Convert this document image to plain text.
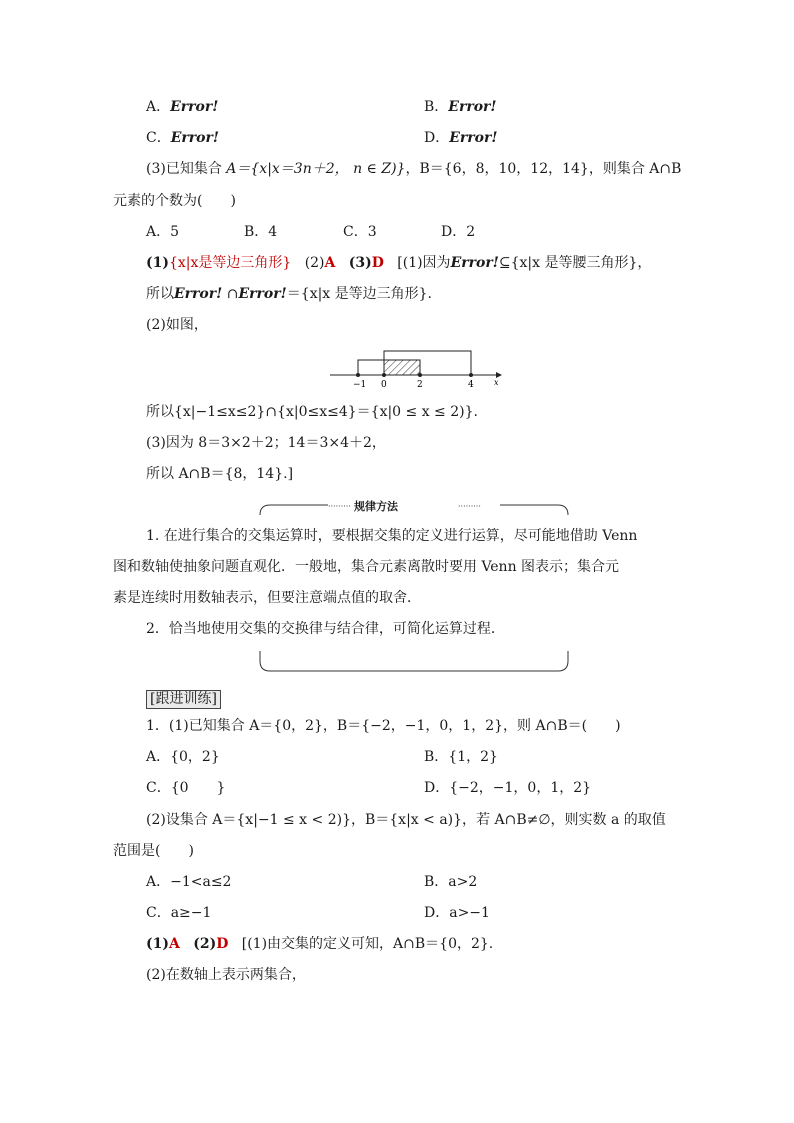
A．Error!	B．Error!
C．Error!	D．Error!
(3)已知集合 A＝{x|x＝3n＋2， n ∈ Z)}，B＝{6，8，10，12，14}，则集合 A∩B
元素的个数为(　　)
A．5	B．4	C．3	D．2
(1){x|x是等边三角形} (2)A (3)D [(1)因为Error!⊆{x|x 是等腰三角形}，
所以Error! ∩Error!＝{x|x 是等边三角形}.
(2)如图，
−1 0	2	4	x
所以{x|−1≤x≤2}∩{x|0≤x≤4}＝{x|0 ≤ x ≤ 2)}.
(3)因为 8＝3×2＋2；14＝3×4＋2，
所以 A∩B＝{8，14}.]
·········	·········
规律方法
1. 在进行集合的交集运算时，要根据交集的定义进行运算，尽可能地借助 Venn
图和数轴使抽象问题直观化．一般地，集合元素离散时要用 Venn 图表示；集合元
素是连续时用数轴表示，但要注意端点值的取舍．
2．恰当地使用交集的交换律与结合律，可简化运算过程．
[跟进训练]
1．(1)已知集合 A＝{0，2}，B＝{−2，−1，0，1，2}，则 A∩B＝(　　)
A．{0，2}	B．{1，2}
C．{0　　}	D．{−2，−1，0，1，2}
(2)设集合 A＝{x|−1 ≤ x < 2)}，B＝{x|x < a)}，若 A∩B≠∅，则实数 a 的取值
范围是(　　)
A．−1<a≤2	B．a>2
C．a≥−1	D．a>−1
(1)A (2)D [(1)由交集的定义可知，A∩B＝{0，2}.
(2)在数轴上表示两集合，
